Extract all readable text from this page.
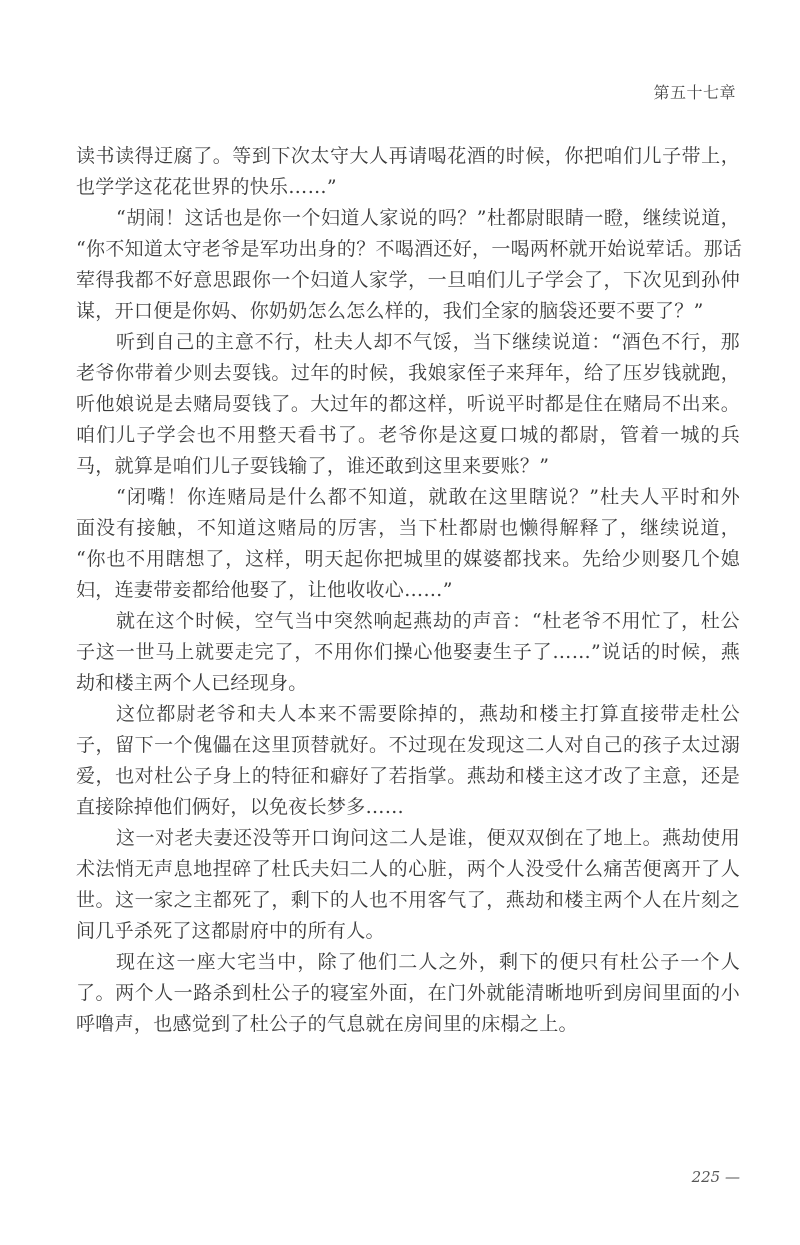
第五十七章
读书读得迂腐了。等到下次太守大人再请喝花酒的时候，你把咱们儿子带上，
也学学这花花世界的快乐……”
“胡闹！这话也是你一个妇道人家说的吗？”杜都尉眼睛一瞪，继续说道，
“你不知道太守老爷是军功出身的？不喝酒还好，一喝两杯就开始说荤话。那话
荤得我都不好意思跟你一个妇道人家学，一旦咱们儿子学会了，下次见到孙仲
谋，开口便是你妈、你奶奶怎么怎么样的，我们全家的脑袋还要不要了？”
听到自己的主意不行，杜夫人却不气馁，当下继续说道：“酒色不行，那
老爷你带着少则去耍钱。过年的时候，我娘家侄子来拜年，给了压岁钱就跑，
听他娘说是去赌局耍钱了。大过年的都这样，听说平时都是住在赌局不出来。
咱们儿子学会也不用整天看书了。老爷你是这夏口城的都尉，管着一城的兵
马，就算是咱们儿子耍钱输了，谁还敢到这里来要账？”
“闭嘴！你连赌局是什么都不知道，就敢在这里瞎说？”杜夫人平时和外
面没有接触，不知道这赌局的厉害，当下杜都尉也懒得解释了，继续说道，
“你也不用瞎想了，这样，明天起你把城里的媒婆都找来。先给少则娶几个媳
妇，连妻带妾都给他娶了，让他收收心……”
就在这个时候，空气当中突然响起燕劫的声音：“杜老爷不用忙了，杜公
子这一世马上就要走完了，不用你们操心他娶妻生子了……”说话的时候，燕
劫和楼主两个人已经现身。
这位都尉老爷和夫人本来不需要除掉的，燕劫和楼主打算直接带走杜公
子，留下一个傀儡在这里顶替就好。不过现在发现这二人对自己的孩子太过溺
爱，也对杜公子身上的特征和癖好了若指掌。燕劫和楼主这才改了主意，还是
直接除掉他们俩好，以免夜长梦多……
这一对老夫妻还没等开口询问这二人是谁，便双双倒在了地上。燕劫使用
术法悄无声息地捏碎了杜氏夫妇二人的心脏，两个人没受什么痛苦便离开了人
世。这一家之主都死了，剩下的人也不用客气了，燕劫和楼主两个人在片刻之
间几乎杀死了这都尉府中的所有人。
现在这一座大宅当中，除了他们二人之外，剩下的便只有杜公子一个人
了。两个人一路杀到杜公子的寝室外面，在门外就能清晰地听到房间里面的小
呼噜声，也感觉到了杜公子的气息就在房间里的床榻之上。
225 —
